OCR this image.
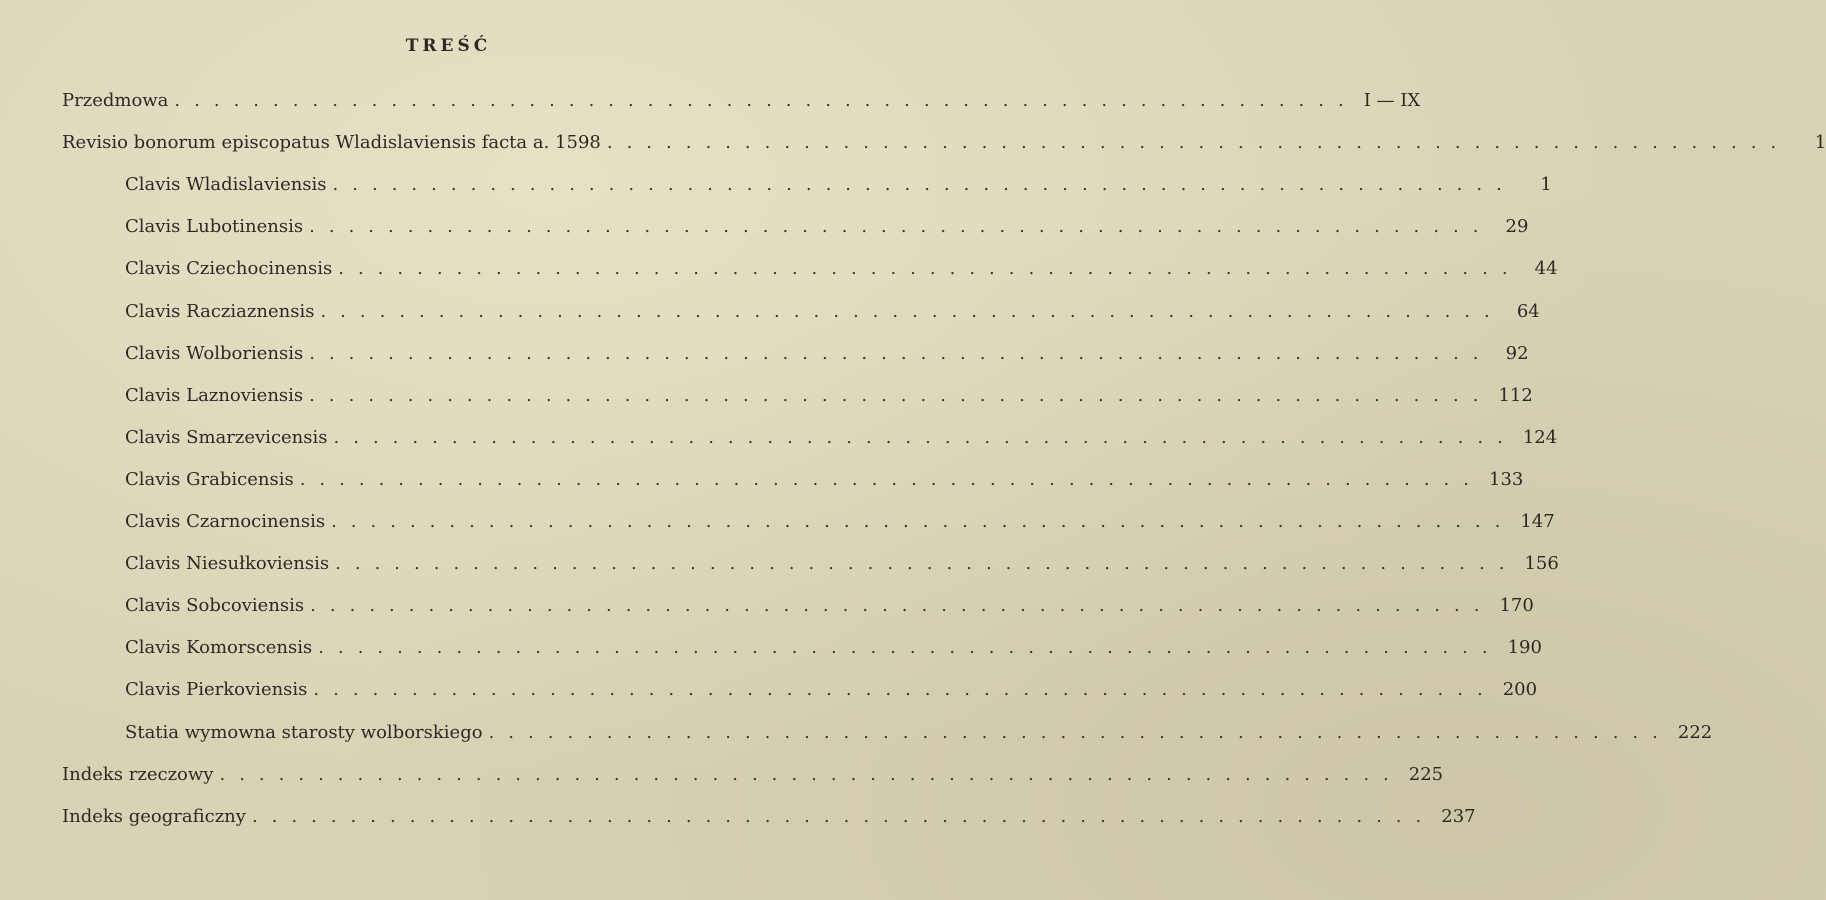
TREŚĆ
Przedmowa ............................................................ I — IX
Revisio bonorum episcopatus Wladislaviensis facta a. 1598 ............................................................	1
Clavis Wladislaviensis ............................................................	1
Clavis Lubotinensis ............................................................ 29
Clavis Cziechocinensis ............................................................ 44
Clavis Racziaznensis ............................................................ 64
Clavis Wolboriensis ............................................................ 92
Clavis Laznoviensis ............................................................ 112
Clavis Smarzevicensis ............................................................ 124
Clavis Grabicensis ............................................................ 133
Clavis Czarnocinensis ............................................................ 147
Clavis Niesułkoviensis ............................................................ 156
Clavis Sobcoviensis ............................................................ 170
Clavis Komorscensis ............................................................ 190
Clavis Pierkoviensis ............................................................ 200
Statia wymowna starosty wolborskiego ............................................................ 222
Indeks rzeczowy ............................................................ 225
Indeks geograficzny ............................................................ 237
